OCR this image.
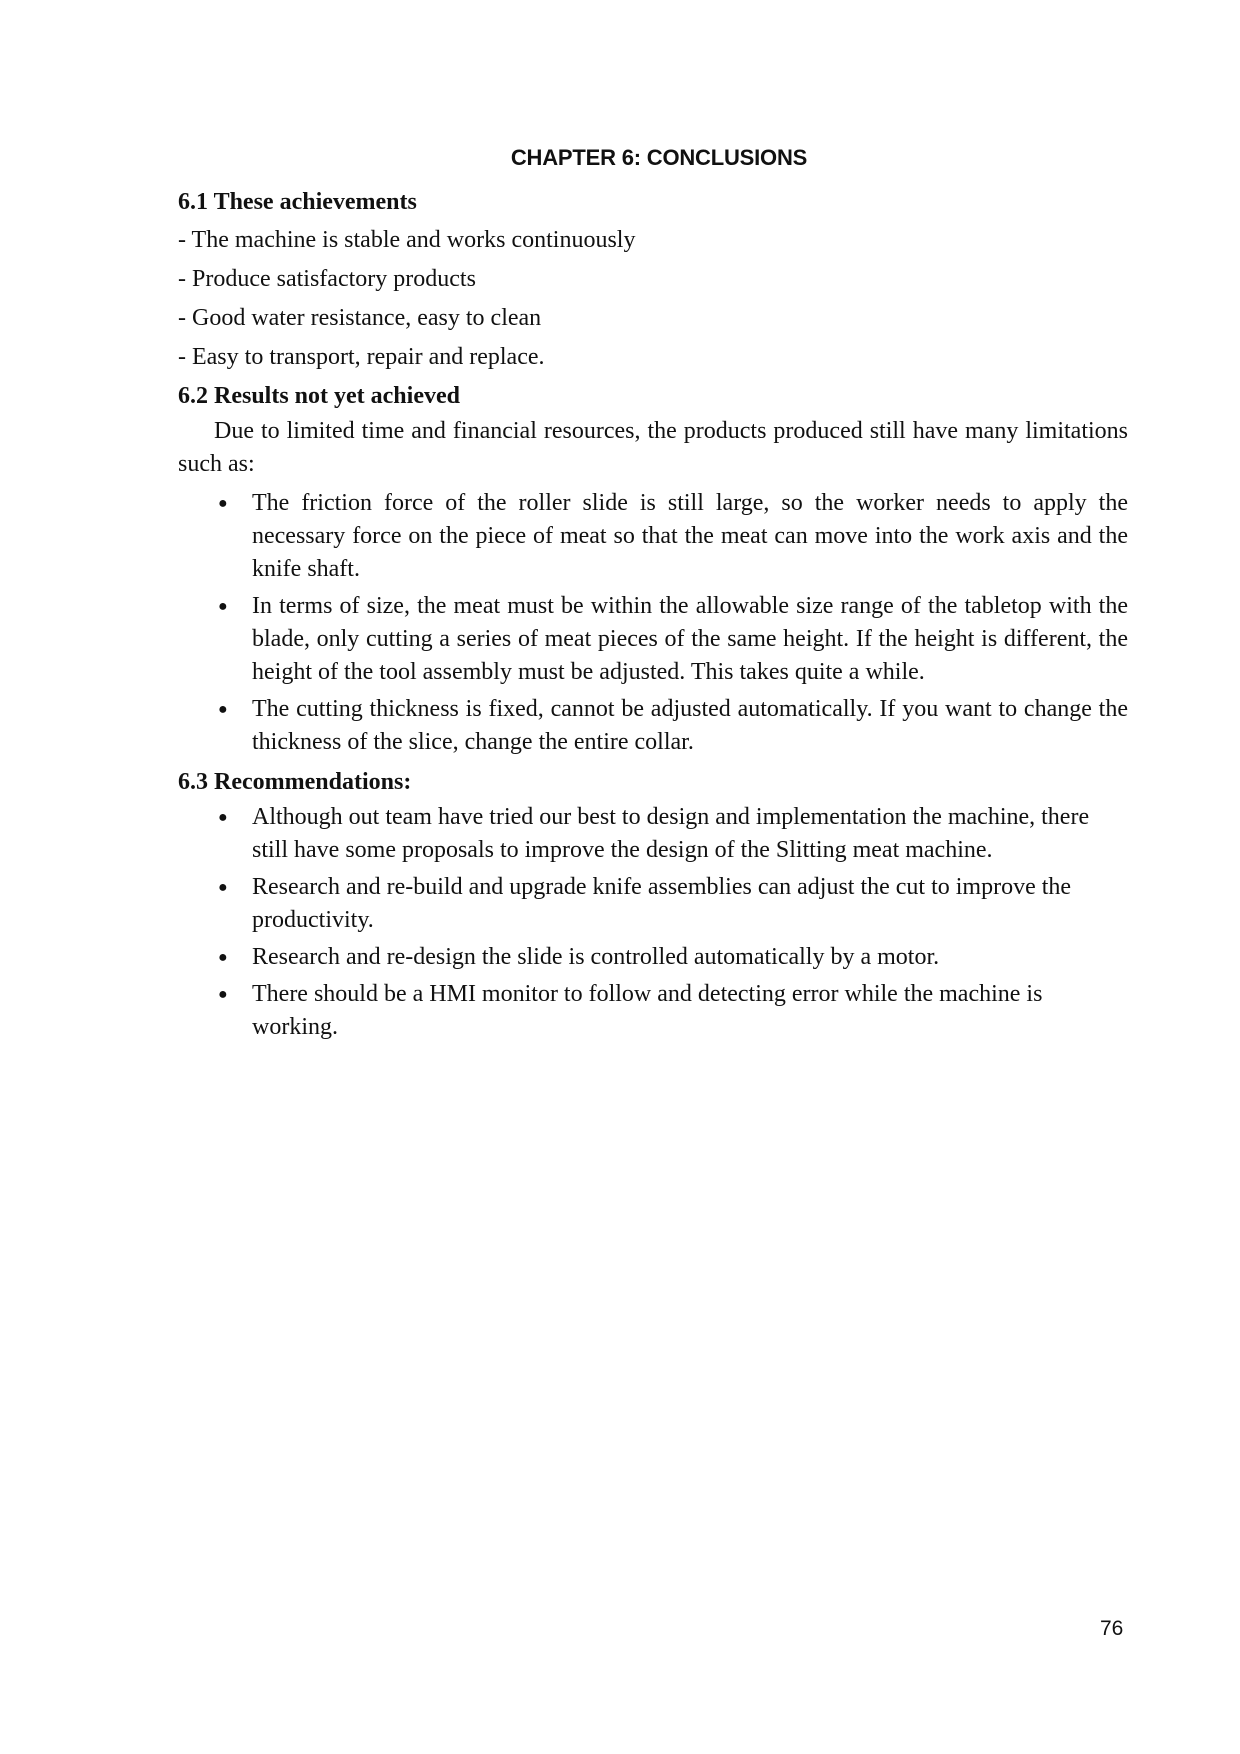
CHAPTER 6: CONCLUSIONS

6.1 These achievements

- The machine is stable and works continuously

- Produce satisfactory products

- Good water resistance, easy to clean

- Easy to transport, repair and replace.

6.2 Results not yet achieved

Due to limited time and financial resources, the products produced still have many limitations such as:

● The friction force of the roller slide is still large, so the worker needs to apply the necessary force on the piece of meat so that the meat can move into the work axis and the knife shaft.
● In terms of size, the meat must be within the allowable size range of the tabletop with the blade, only cutting a series of meat pieces of the same height. If the height is different, the height of the tool assembly must be adjusted. This takes quite a while.
● The cutting thickness is fixed, cannot be adjusted automatically. If you want to change the thickness of the slice, change the entire collar.

6.3 Recommendations:

● Although out team have tried our best to design and implementation the machine, there still have some proposals to improve the design of the Slitting meat machine.
● Research and re-build and upgrade knife assemblies can adjust the cut to improve the productivity.
● Research and re-design the slide is controlled automatically by a motor.
● There should be a HMI monitor to follow and detecting error while the machine is working.
76
